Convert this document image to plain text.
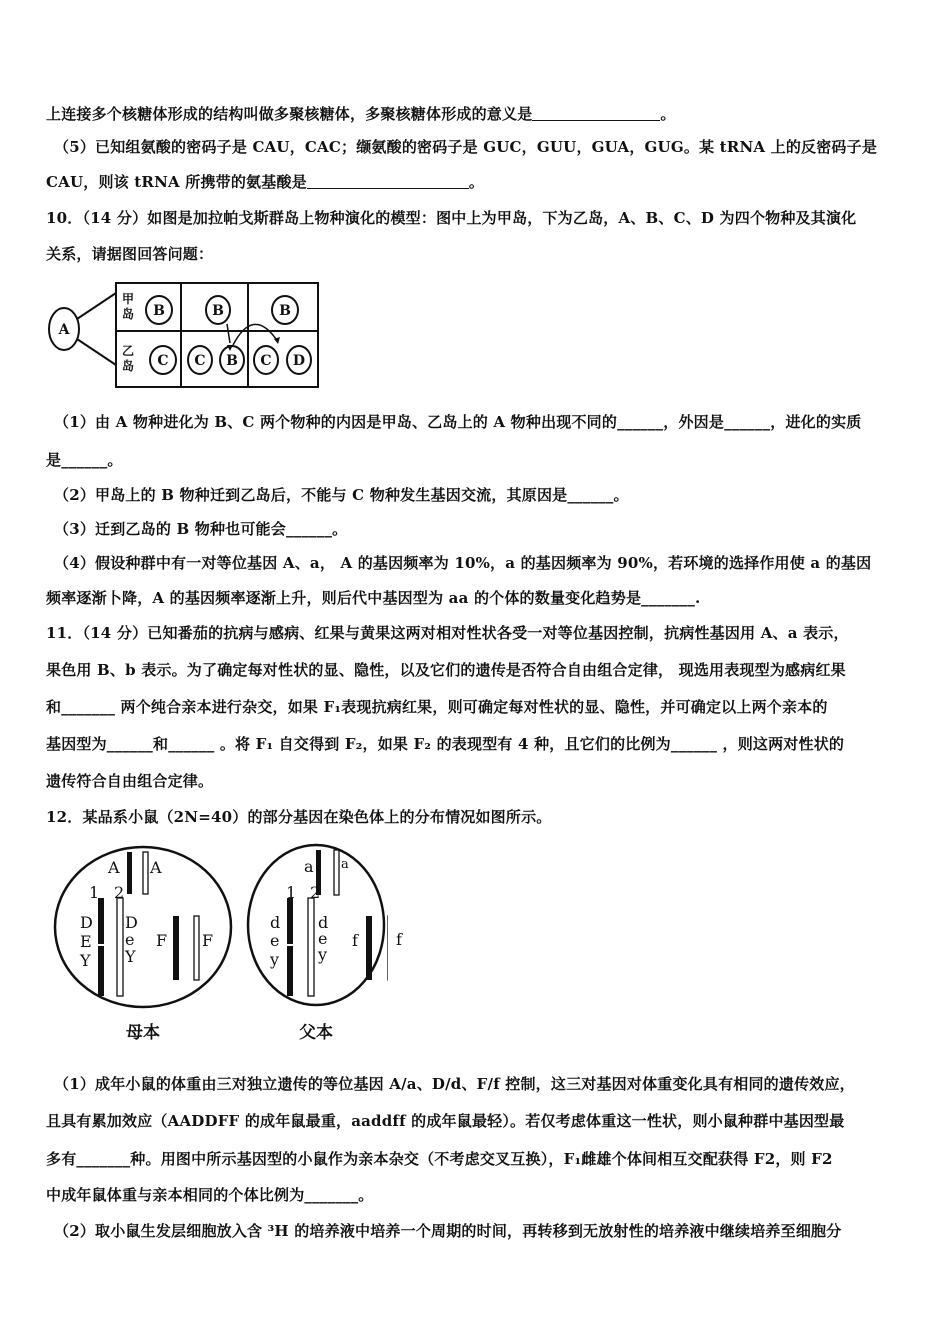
上连接多个核糖体形成的结构叫做多聚核糖体，多聚核糖体形成的意义是	。
（5）已知组氨酸的密码子是 CAU，CAC；缬氨酸的密码子是 GUC，GUU，GUA，GUG。某 tRNA 上的反密码子是
CAU，则该 tRNA 所携带的氨基酸是	。
10．（14 分）如图是加拉帕戈斯群岛上物种演化的模型：图中上为甲岛，下为乙岛，A、B、C、D 为四个物种及其演化
关系，请据图回答问题：
A
B	B	B
C C B C D
甲
岛
乙
岛
（1）由 A 物种进化为 B、C 两个物种的内因是甲岛、乙岛上的 A 物种出现不同的______，外因是______，进化的实质
是______。
（2）甲岛上的 B 物种迁到乙岛后，不能与 C 物种发生基因交流，其原因是______。
（3）迁到乙岛的 B 物种也可能会______。
（4）假设种群中有一对等位基因 A、a， A 的基因频率为 10%，a 的基因频率为 90%，若环境的选择作用使 a 的基因
频率逐渐卜降，A 的基因频率逐渐上升，则后代中基因型为 aa 的个体的数量变化趋势是_______.
11．（14 分）已知番茄的抗病与感病、红果与黄果这两对相对性状各受一对等位基因控制，抗病性基因用 A、a 表示，
果色用 B、b 表示。为了确定每对性状的显、隐性，以及它们的遗传是否符合自由组合定律， 现选用表现型为感病红果
和_______ 两个纯合亲本进行杂交，如果 F₁表现抗病红果，则可确定每对性状的显、隐性，并可确定以上两个亲本的
基因型为______和______ 。将 F₁ 自交得到 F₂，如果 F₂ 的表现型有 4 种，且它们的比例为______ ，则这两对性状的
遗传符合自由组合定律。
12．某品系小鼠（2N=40）的部分基因在染色体上的分布情况如图所示。
A A
1 2
D
E
Y
D
e
Y
F F
母本
a a
1 2
d
e
y
d
e
y
f
父本
f
（1）成年小鼠的体重由三对独立遗传的等位基因 A/a、D/d、F/f 控制，这三对基因对体重变化具有相同的遗传效应，
且具有累加效应（AADDFF 的成年鼠最重，aaddff 的成年鼠最轻）。若仅考虑体重这一性状，则小鼠种群中基因型最
多有_______种。用图中所示基因型的小鼠作为亲本杂交（不考虑交叉互换），F₁雌雄个体间相互交配获得 F2，则 F2
中成年鼠体重与亲本相同的个体比例为_______。
（2）取小鼠生发层细胞放入含 ³H 的培养液中培养一个周期的时间，再转移到无放射性的培养液中继续培养至细胞分
